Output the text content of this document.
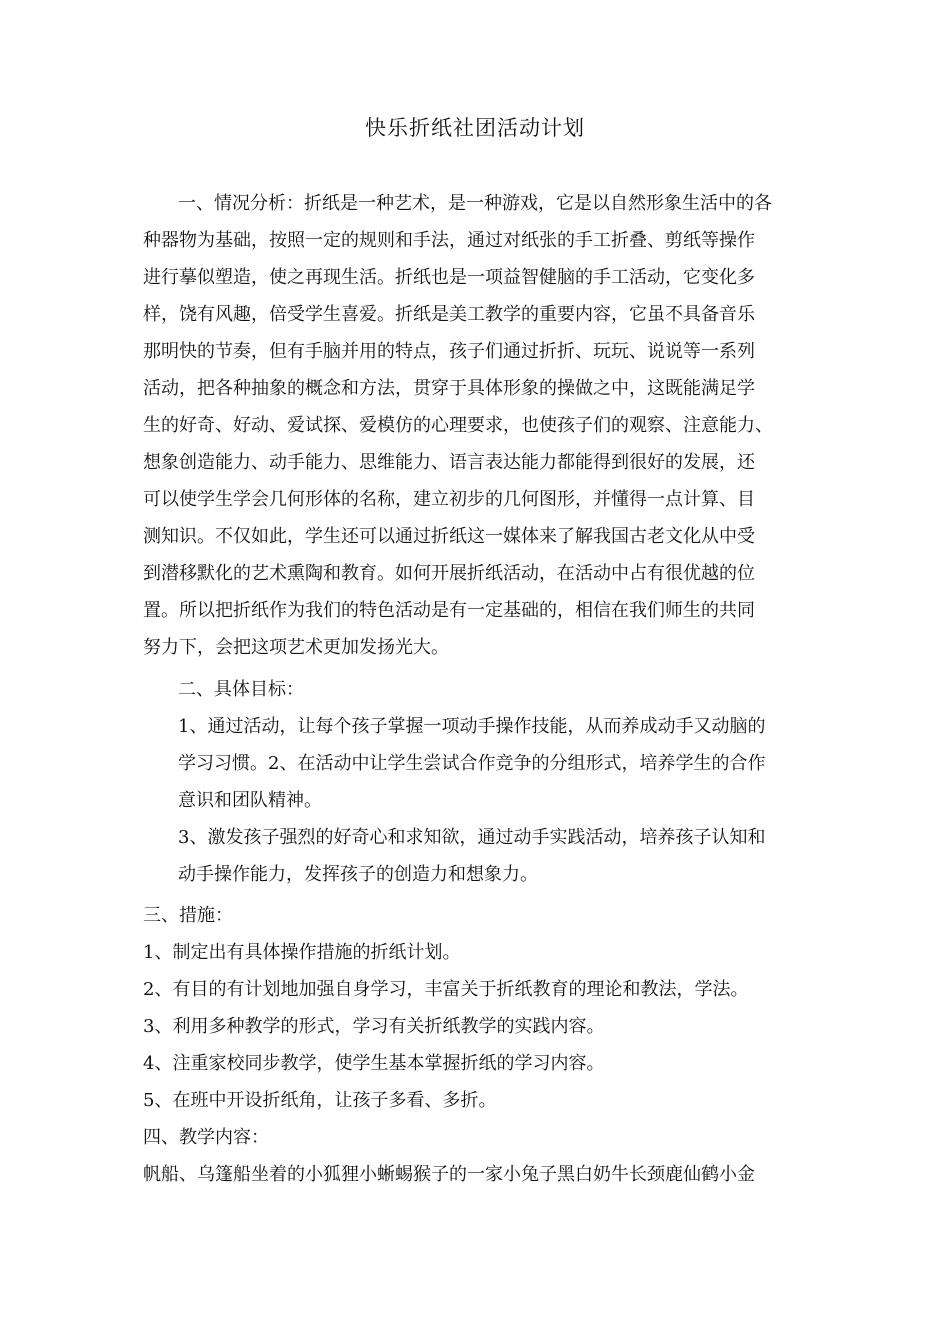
快乐折纸社团活动计划
一、情况分析：折纸是一种艺术，是一种游戏，它是以自然形象生活中的各
种器物为基础，按照一定的规则和手法，通过对纸张的手工折叠、剪纸等操作
进行摹似塑造，使之再现生活。折纸也是一项益智健脑的手工活动，它变化多
样，饶有风趣，倍受学生喜爱。折纸是美工教学的重要内容，它虽不具备音乐
那明快的节奏，但有手脑并用的特点，孩子们通过折折、玩玩、说说等一系列
活动，把各种抽象的概念和方法，贯穿于具体形象的操做之中，这既能满足学
生的好奇、好动、爱试探、爱模仿的心理要求，也使孩子们的观察、注意能力、
想象创造能力、动手能力、思维能力、语言表达能力都能得到很好的发展，还
可以使学生学会几何形体的名称，建立初步的几何图形，并懂得一点计算、目
测知识。不仅如此，学生还可以通过折纸这一媒体来了解我国古老文化从中受
到潜移默化的艺术熏陶和教育。如何开展折纸活动，在活动中占有很优越的位
置。所以把折纸作为我们的特色活动是有一定基础的，相信在我们师生的共同
努力下，会把这项艺术更加发扬光大。
二、具体目标：
1、通过活动，让每个孩子掌握一项动手操作技能，从而养成动手又动脑的
学习习惯。2、在活动中让学生尝试合作竞争的分组形式，培养学生的合作
意识和团队精神。
3、激发孩子强烈的好奇心和求知欲，通过动手实践活动，培养孩子认知和
动手操作能力，发挥孩子的创造力和想象力。
三、措施：
1、制定出有具体操作措施的折纸计划。
2、有目的有计划地加强自身学习，丰富关于折纸教育的理论和教法，学法。
3、利用多种教学的形式，学习有关折纸教学的实践内容。
4、注重家校同步教学，使学生基本掌握折纸的学习内容。
5、在班中开设折纸角，让孩子多看、多折。
四、教学内容：
帆船、乌篷船坐着的小狐狸小蜥蜴猴子的一家小兔子黑白奶牛长颈鹿仙鹤小金
